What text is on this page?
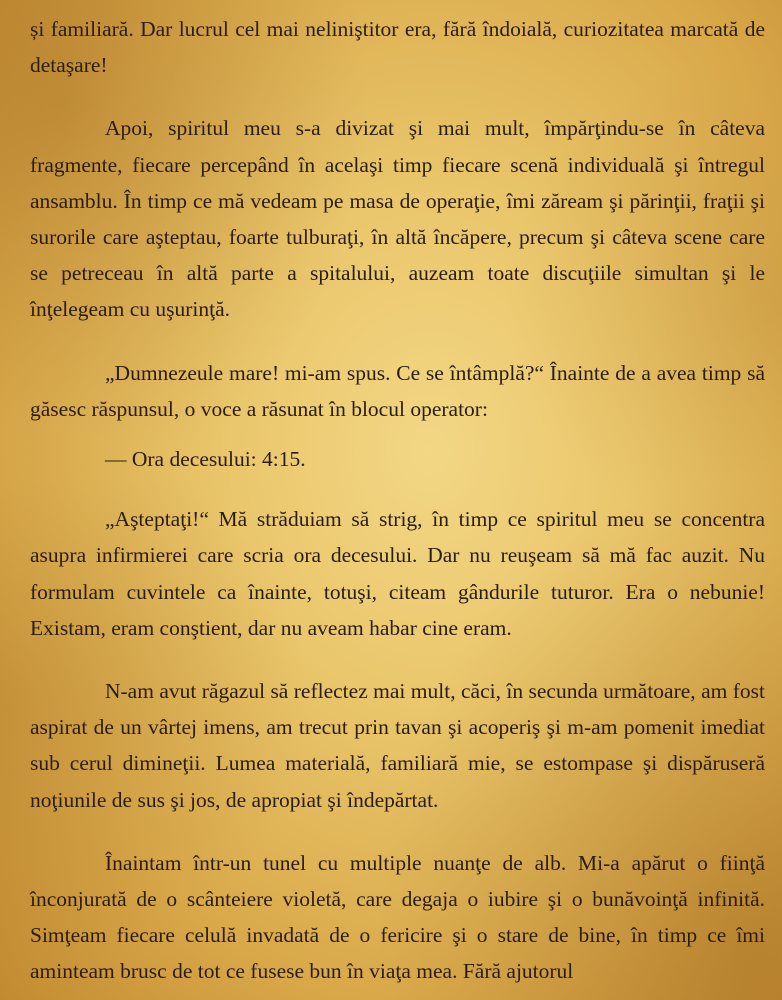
și familiară. Dar lucrul cel mai neliniştitor era, fără îndoială, curiozitatea marcată de detaşare!

Apoi, spiritul meu s-a divizat şi mai mult, împărţindu-se în câteva fragmente, fiecare percepând în acelaşi timp fiecare scenă individuală şi întregul ansamblu. În timp ce mă vedeam pe masa de operaţie, îmi zăream şi părinţii, fraţii şi surorile care aşteptau, foarte tulburaţi, în altă încăpere, precum şi câteva scene care se petreceau în altă parte a spitalului, auzeam toate discuţiile simultan şi le înţelegeam cu uşurinţă.

„Dumnezeule mare! mi-am spus. Ce se întâmplă?“ Înainte de a avea timp să găsesc răspunsul, o voce a răsunat în blocul operator:

— Ora decesului: 4:15.

„Aşteptaţi!“ Mă străduiam să strig, în timp ce spiritul meu se concentra asupra infirmierei care scria ora decesului. Dar nu reuşeam să mă fac auzit. Nu formulam cuvintele ca înainte, totuşi, citeam gândurile tuturor. Era o nebunie! Existam, eram conştient, dar nu aveam habar cine eram.

N-am avut răgazul să reflectez mai mult, căci, în secunda următoare, am fost aspirat de un vârtej imens, am trecut prin tavan şi acoperiş şi m-am pomenit imediat sub cerul dimineţii. Lumea materială, familiară mie, se estompase şi dispăruseră noţiunile de sus şi jos, de apropiat şi îndepărtat.

Înaintam într-un tunel cu multiple nuanţe de alb. Mi-a apărut o fiinţă înconjurată de o scânteiere violetă, care degaja o iubire şi o bunăvoinţă infinită. Simţeam fiecare celulă invadată de o fericire şi o stare de bine, în timp ce îmi aminteam brusc de tot ce fusese bun în viaţa mea. Fără ajutorul
